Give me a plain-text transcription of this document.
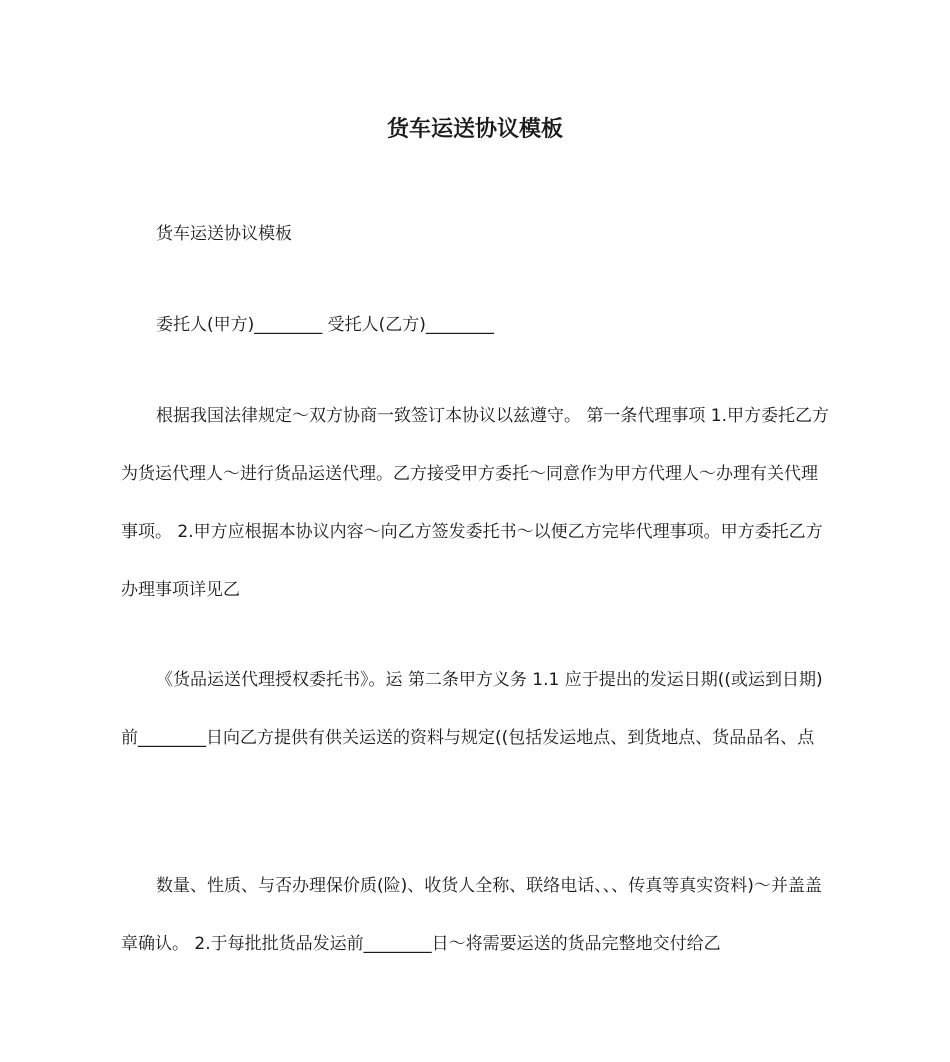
货车运送协议模板

货车运送协议模板

委托人(甲方)________ 受托人(乙方)________

根据我国法律规定～双方协商一致签订本协议以兹遵守。 第一条代理事项 1.甲方委托乙方为货运代理人～进行货品运送代理。乙方接受甲方委托～同意作为甲方代理人～办理有关代理事项。 2.甲方应根据本协议内容～向乙方签发委托书～以便乙方完毕代理事项。甲方委托乙方办理事项详见乙

《货品运送代理授权委托书》。运 第二条甲方义务 1.1 应于提出的发运日期((或运到日期)前________日向乙方提供有供关运送的资料与规定((包括发运地点、到货地点、货品品名、点

数量、性质、与否办理保价质(险)、收货人全称、联络电话、、、传真等真实资料)～并盖盖章确认。 2.于每批批货品发运前________日～将需要运送的货品完整地交付给乙
